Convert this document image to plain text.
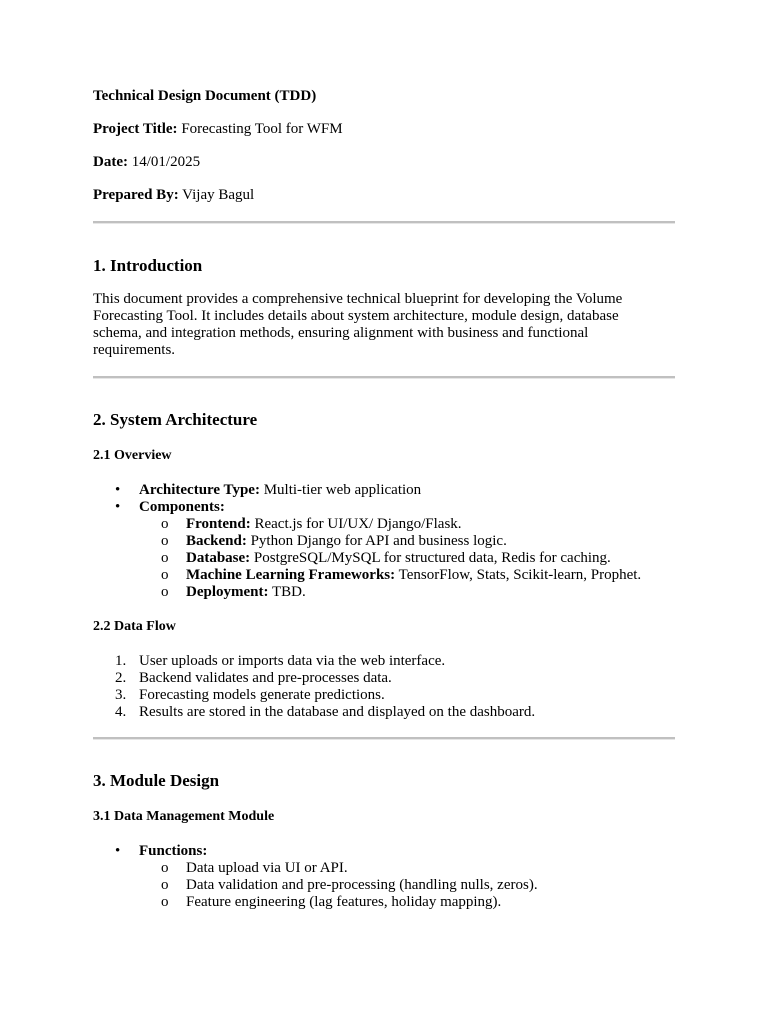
Technical Design Document (TDD)
Project Title: Forecasting Tool for WFM
Date: 14/01/2025
Prepared By: Vijay Bagul
1. Introduction

This document provides a comprehensive technical blueprint for developing the Volume
Forecasting Tool. It includes details about system architecture, module design, database
schema, and integration methods, ensuring alignment with business and functional
requirements.

2. System Architecture
2.1 Overview
• Architecture Type: Multi-tier web application
• Components:
o Frontend: React.js for UI/UX/ Django/Flask.
o Backend: Python Django for API and business logic.
o Database: PostgreSQL/MySQL for structured data, Redis for caching.
o Machine Learning Frameworks: TensorFlow, Stats, Scikit-learn, Prophet.
o Deployment: TBD.
2.2 Data Flow
1. User uploads or imports data via the web interface.
2. Backend validates and pre-processes data.
3. Forecasting models generate predictions.
4. Results are stored in the database and displayed on the dashboard.
3. Module Design
3.1 Data Management Module
• Functions:
o Data upload via UI or API.
o Data validation and pre-processing (handling nulls, zeros).
o Feature engineering (lag features, holiday mapping).
